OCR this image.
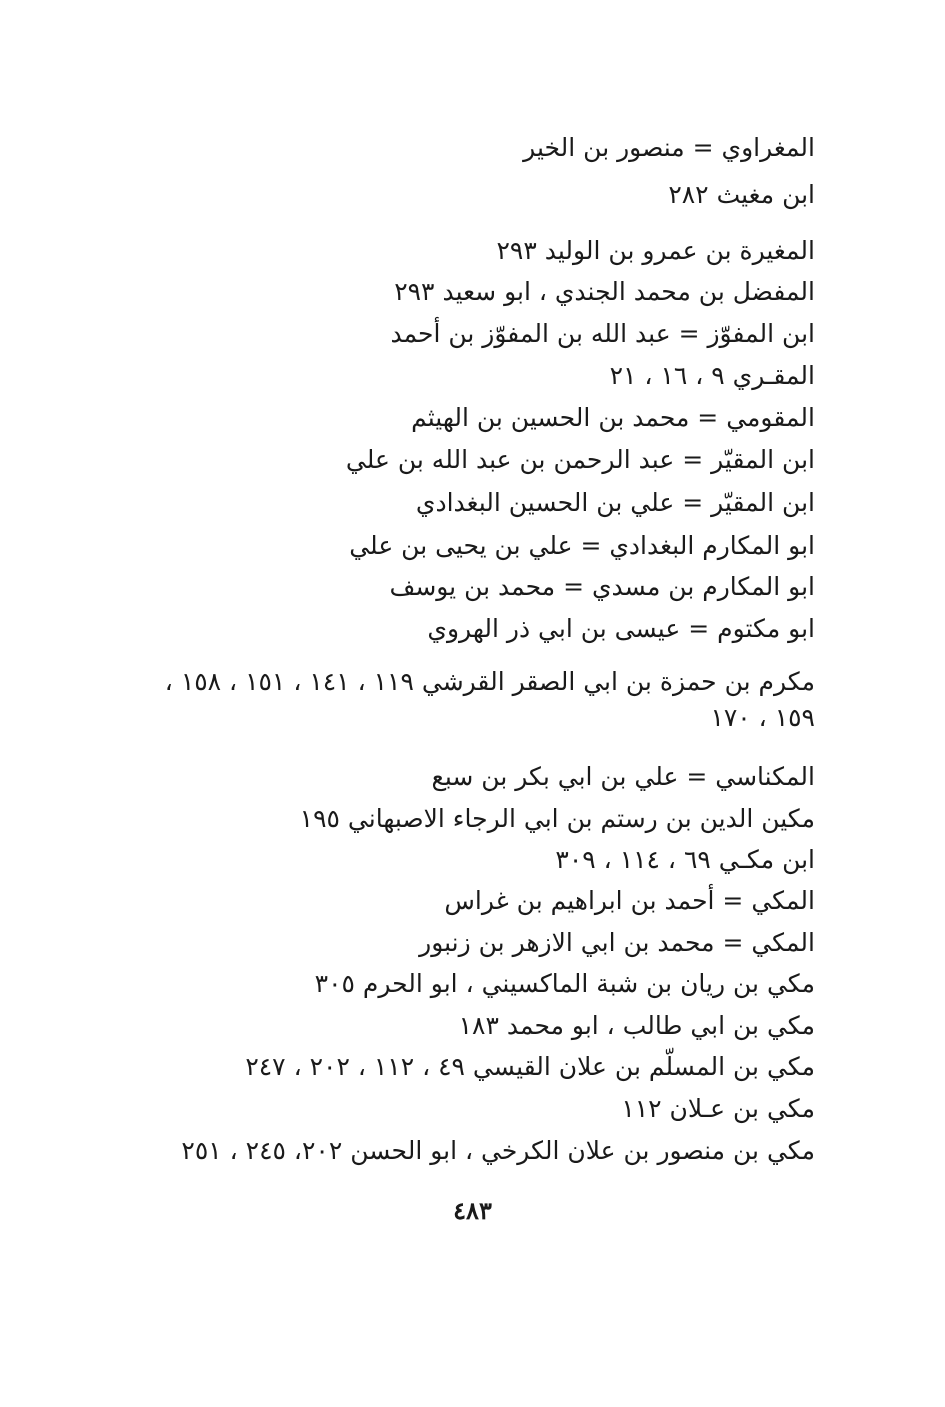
المغراوي = منصور بن الخير
ابن مغيث ٢٨٢
المغيرة بن عمرو بن الوليد ٢٩٣
المفضل بن محمد الجندي ، ابو سعيد ٢٩٣
ابن المفوّز = عبد الله بن المفوّز بن أحمد
المقـري ٩ ، ١٦ ، ٢١
المقومي = محمد بن الحسين بن الهيثم
ابن المقيّر = عبد الرحمن بن عبد الله بن علي
ابن المقيّر = علي بن الحسين البغدادي
ابو المكارم البغدادي = علي بن يحيى بن علي
ابو المكارم بن مسدي = محمد بن يوسف
ابو مكتوم = عيسى بن ابي ذر الهروي
مكرم بن حمزة بن ابي الصقر القرشي ١١٩ ، ١٤١ ، ١٥١ ، ١٥٨ ، ١٥٩ ، ١٧٠
المكناسي = علي بن ابي بكر بن سبع
مكين الدين بن رستم بن ابي الرجاء الاصبهاني ١٩٥
ابن مكـي ٦٩ ، ١١٤ ، ٣٠٩
المكي = أحمد بن ابراهيم بن غراس
المكي = محمد بن ابي الازهر بن زنبور
مكي بن ريان بن شبة الماكسيني ، ابو الحرم ٣٠٥
مكي بن ابي طالب ، ابو محمد ١٨٣
مكي بن المسلّم بن علان القيسي ٤٩ ، ١١٢ ، ٢٠٢ ، ٢٤٧
مكي بن عـلان ١١٢
مكي بن منصور بن علان الكرخي ، ابو الحسن ٢٠٢، ٢٤٥ ، ٢٥١
٤٨٣
